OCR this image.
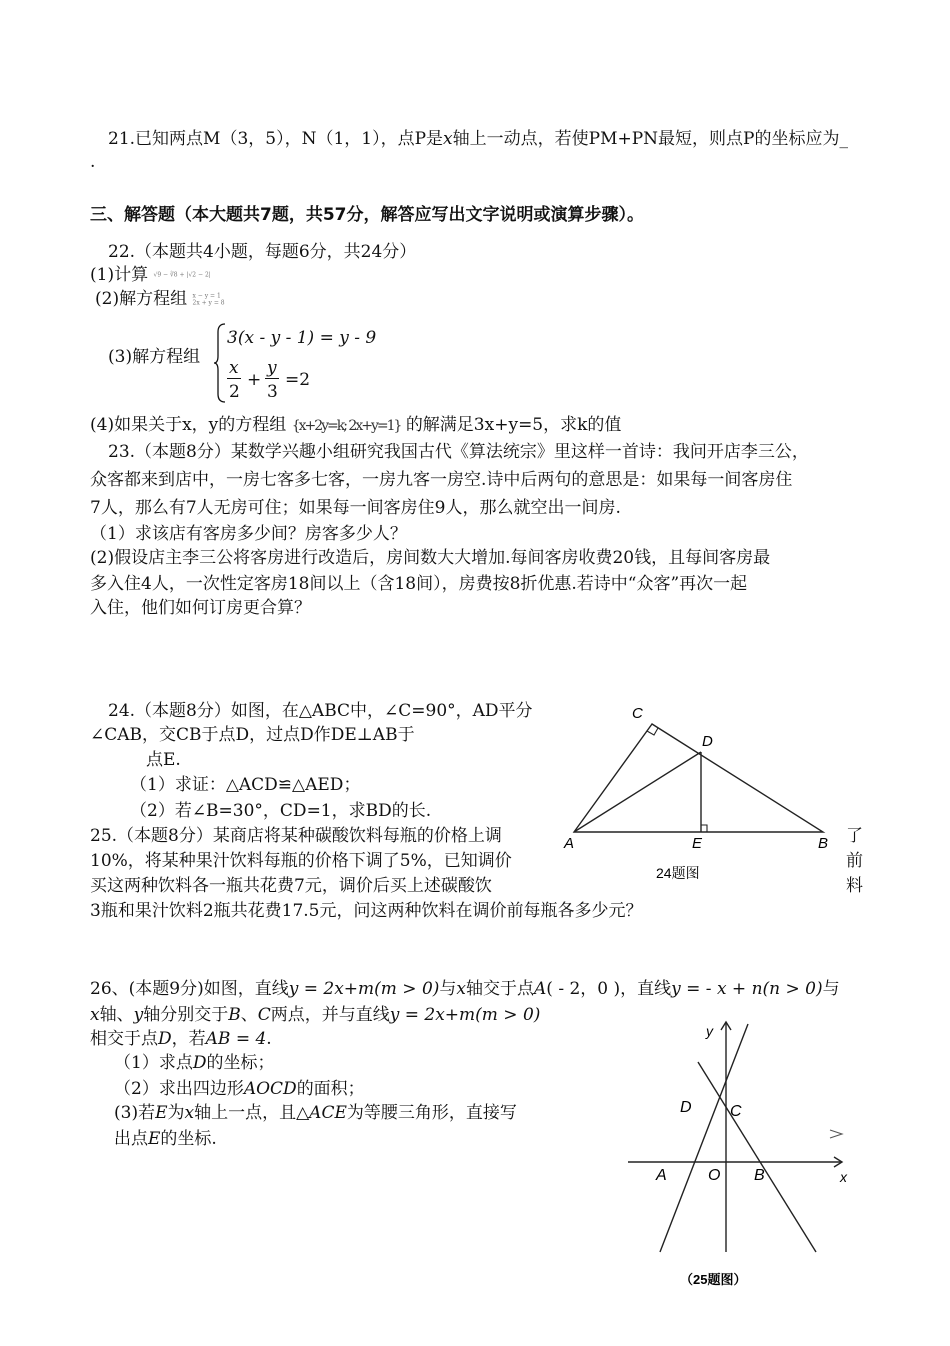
21.已知两点M（3，5），N（1，1），点P是x轴上一动点，若使PM+PN最短，则点P的坐标应为_
.
三、解答题（本大题共7题，共57分，解答应写出文字说明或演算步骤）。
22.（本题共4小题，每题6分，共24分）
(1)计算 √9 − ∛8 + |√2 − 2|
(2)解方程组 x − y = 1
2x + y = 8
(3)解方程组
3(x - y - 1) = y - 9
x
2
+
y
3
=2
(4)如果关于x，y的方程组 {x+2y=k; 2x+y=1} 的解满足3x+y=5，求k的值
23.（本题8分）某数学兴趣小组研究我国古代《算法统宗》里这样一首诗：我问开店李三公，
众客都来到店中，一房七客多七客，一房九客一房空.诗中后两句的意思是：如果每一间客房住
7人，那么有7人无房可住；如果每一间客房住9人，那么就空出一间房.
（1）求该店有客房多少间？房客多少人？
(2)假设店主李三公将客房进行改造后，房间数大大增加.每间客房收费20钱，且每间客房最
多入住4人，一次性定客房18间以上（含18间），房费按8折优惠.若诗中“众客”再次一起
入住，他们如何订房更合算？
24.（本题8分）如图，在△ABC中，∠C=90°，AD平分
∠CAB，交CB于点D，过点D作DE⊥AB于
点E.
（1）求证：△ACD≌△AED；
（2）若∠B=30°，CD=1，求BD的长.
C
D
A	E	B
24题图
25.（本题8分）某商店将某种碳酸饮料每瓶的价格上调	了
10%，将某种果汁饮料每瓶的价格下调了5%，已知调价	前
买这两种饮料各一瓶共花费7元，调价后买上述碳酸饮	料
3瓶和果汁饮料2瓶共花费17.5元，问这两种饮料在调价前每瓶各多少元？
26、(本题9分)如图，直线y = 2x+m(m > 0)与x轴交于点A( - 2，0 )，直线y = - x + n(n > 0)与
x轴、y轴分别交于B、C两点，并与直线y = 2x+m(m > 0)
相交于点D，若AB = 4.
（1）求点D的坐标；
（2）求出四边形AOCD的面积；
(3)若E为x轴上一点，且△ACE为等腰三角形，直接写
出点E的坐标.
y
x
D C
A	O B
（25题图）
